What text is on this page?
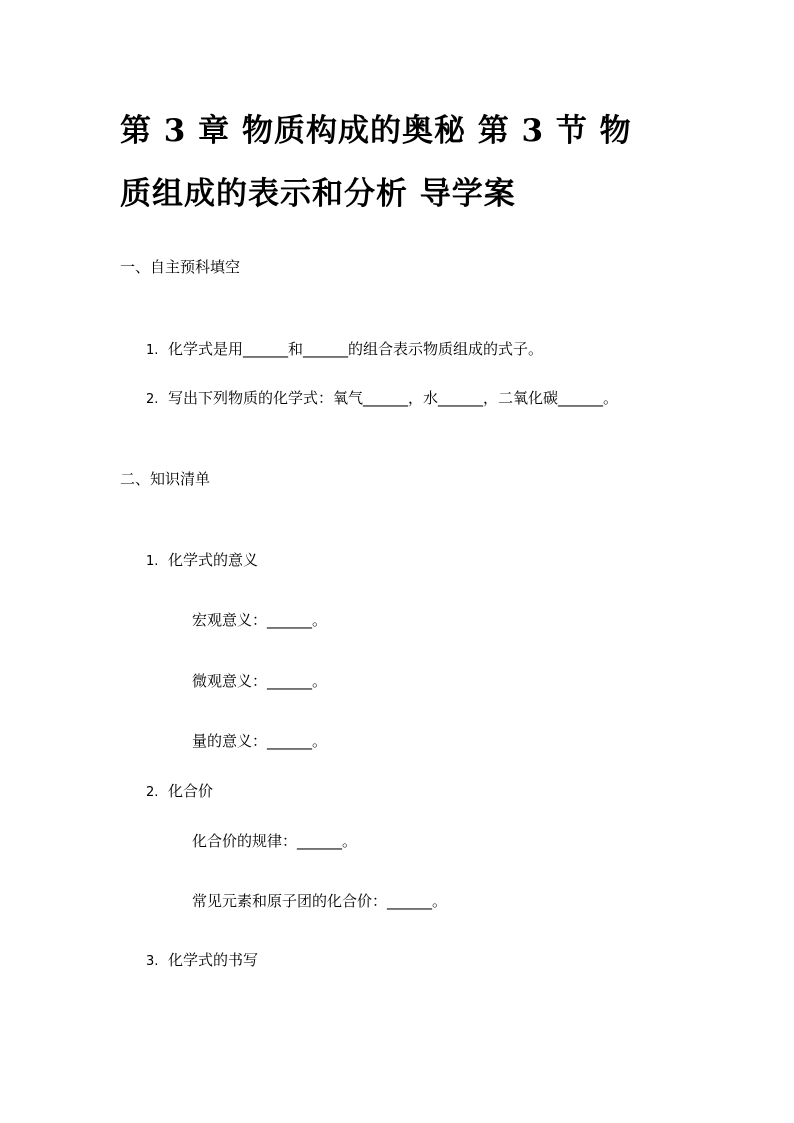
第 3 章 物质构成的奥秘 第 3 节 物
质组成的表示和分析 导学案
一、自主预科填空
1. 化学式是用______和______的组合表示物质组成的式子。
2. 写出下列物质的化学式：氧气______，水______，二氧化碳______。
二、知识清单
1. 化学式的意义
宏观意义：______。
微观意义：______。
量的意义：______。
2. 化合价
化合价的规律：______。
常见元素和原子团的化合价：______。
3. 化学式的书写
